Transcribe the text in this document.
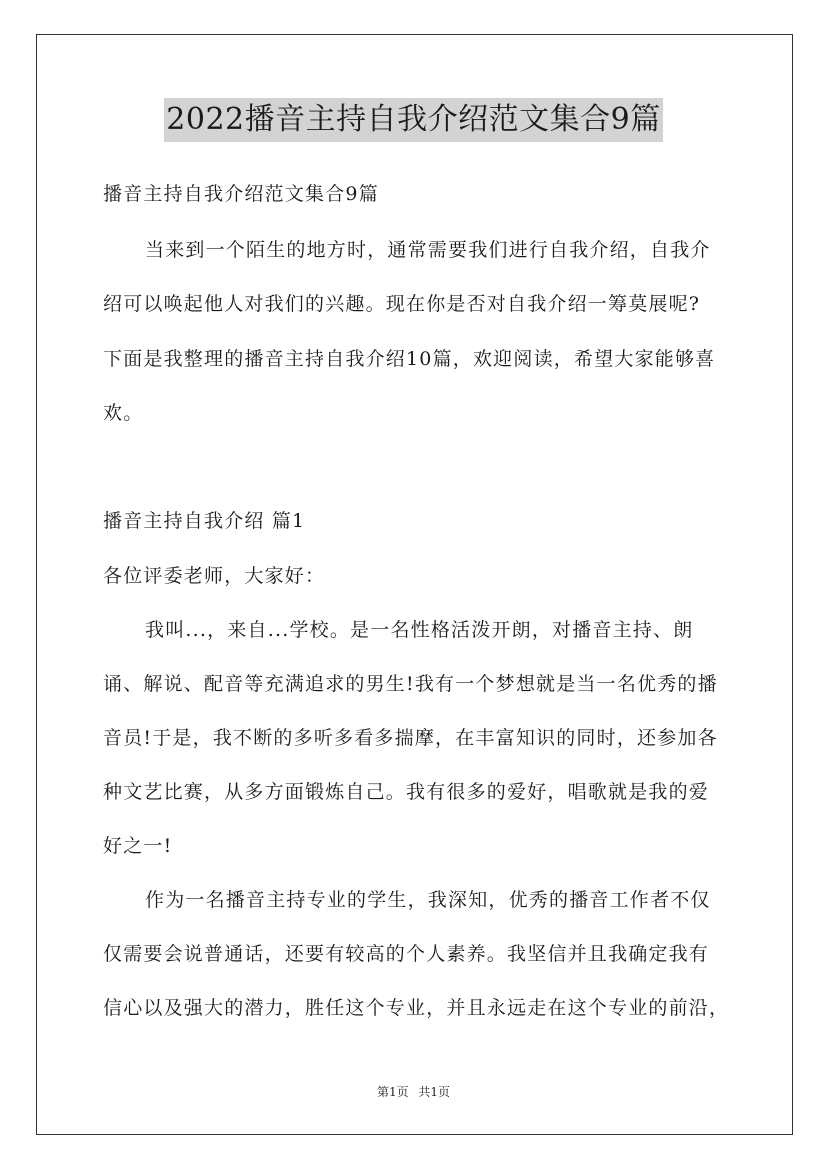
2022播音主持自我介绍范文集合9篇
播音主持自我介绍范文集合9篇
当来到一个陌生的地方时，通常需要我们进行自我介绍，自我介
绍可以唤起他人对我们的兴趣。现在你是否对自我介绍一筹莫展呢?
下面是我整理的播音主持自我介绍10篇，欢迎阅读，希望大家能够喜
欢。
播音主持自我介绍 篇1
各位评委老师，大家好：
我叫...，来自...学校。是一名性格活泼开朗，对播音主持、朗
诵、解说、配音等充满追求的男生!我有一个梦想就是当一名优秀的播
音员!于是，我不断的多听多看多揣摩，在丰富知识的同时，还参加各
种文艺比赛，从多方面锻炼自己。我有很多的爱好，唱歌就是我的爱
好之一!
作为一名播音主持专业的学生，我深知，优秀的播音工作者不仅
仅需要会说普通话，还要有较高的个人素养。我坚信并且我确定我有
信心以及强大的潜力，胜任这个专业，并且永远走在这个专业的前沿，
第1页 共1页
